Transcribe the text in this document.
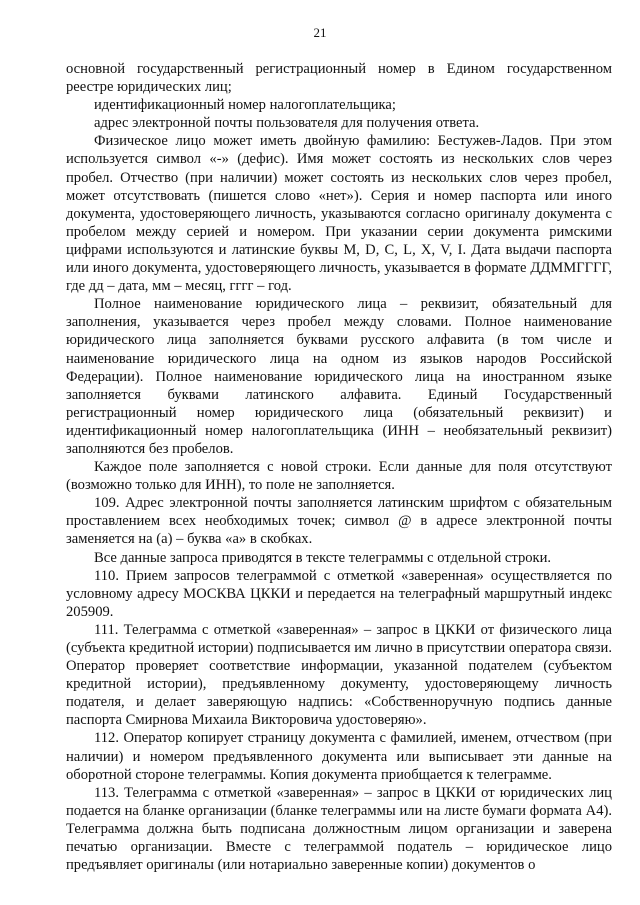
21

основной государственный регистрационный номер в Едином государственном реестре юридических лиц;

идентификационный номер налогоплательщика;

адрес электронной почты пользователя для получения ответа.

Физическое лицо может иметь двойную фамилию: Бестужев-Ладов. При этом используется символ «-» (дефис). Имя может состоять из нескольких слов через пробел. Отчество (при наличии) может состоять из нескольких слов через пробел, может отсутствовать (пишется слово «нет»). Серия и номер паспорта или иного документа, удостоверяющего личность, указываются согласно оригиналу документа с пробелом между серией и номером. При указании серии документа римскими цифрами используются и латинские буквы M, D, C, L, X, V, I. Дата выдачи паспорта или иного документа, удостоверяющего личность, указывается в формате ДДММГГГГ, где дд – дата, мм – месяц, гггг – год.

Полное наименование юридического лица – реквизит, обязательный для заполнения, указывается через пробел между словами. Полное наименование юридического лица заполняется буквами русского алфавита (в том числе и наименование юридического лица на одном из языков народов Российской Федерации). Полное наименование юридического лица на иностранном языке заполняется буквами латинского алфавита. Единый Государственный регистрационный номер юридического лица (обязательный реквизит) и идентификационный номер налогоплательщика (ИНН – необязательный реквизит) заполняются без пробелов.

Каждое поле заполняется с новой строки. Если данные для поля отсутствуют (возможно только для ИНН), то поле не заполняется.

109. Адрес электронной почты заполняется латинским шрифтом с обязательным проставлением всех необходимых точек; символ @ в адресе электронной почты заменяется на (а) – буква «а» в скобках.

Все данные запроса приводятся в тексте телеграммы с отдельной строки.

110. Прием запросов телеграммой с отметкой «заверенная» осуществляется по условному адресу МОСКВА ЦККИ и передается на телеграфный маршрутный индекс 205909.

111. Телеграмма с отметкой «заверенная» – запрос в ЦККИ от физического лица (субъекта кредитной истории) подписывается им лично в присутствии оператора связи. Оператор проверяет соответствие информации, указанной подателем (субъектом кредитной истории), предъявленному документу, удостоверяющему личность подателя, и делает заверяющую надпись: «Собственноручную подпись данные паспорта Смирнова Михаила Викторовича удостоверяю».

112. Оператор копирует страницу документа с фамилией, именем, отчеством (при наличии) и номером предъявленного документа или выписывает эти данные на оборотной стороне телеграммы. Копия документа приобщается к телеграмме.

113. Телеграмма с отметкой «заверенная» – запрос в ЦККИ от юридических лиц подается на бланке организации (бланке телеграммы или на листе бумаги формата А4). Телеграмма должна быть подписана должностным лицом организации и заверена печатью организации. Вместе с телеграммой податель – юридическое лицо предъявляет оригиналы (или нотариально заверенные копии) документов о
